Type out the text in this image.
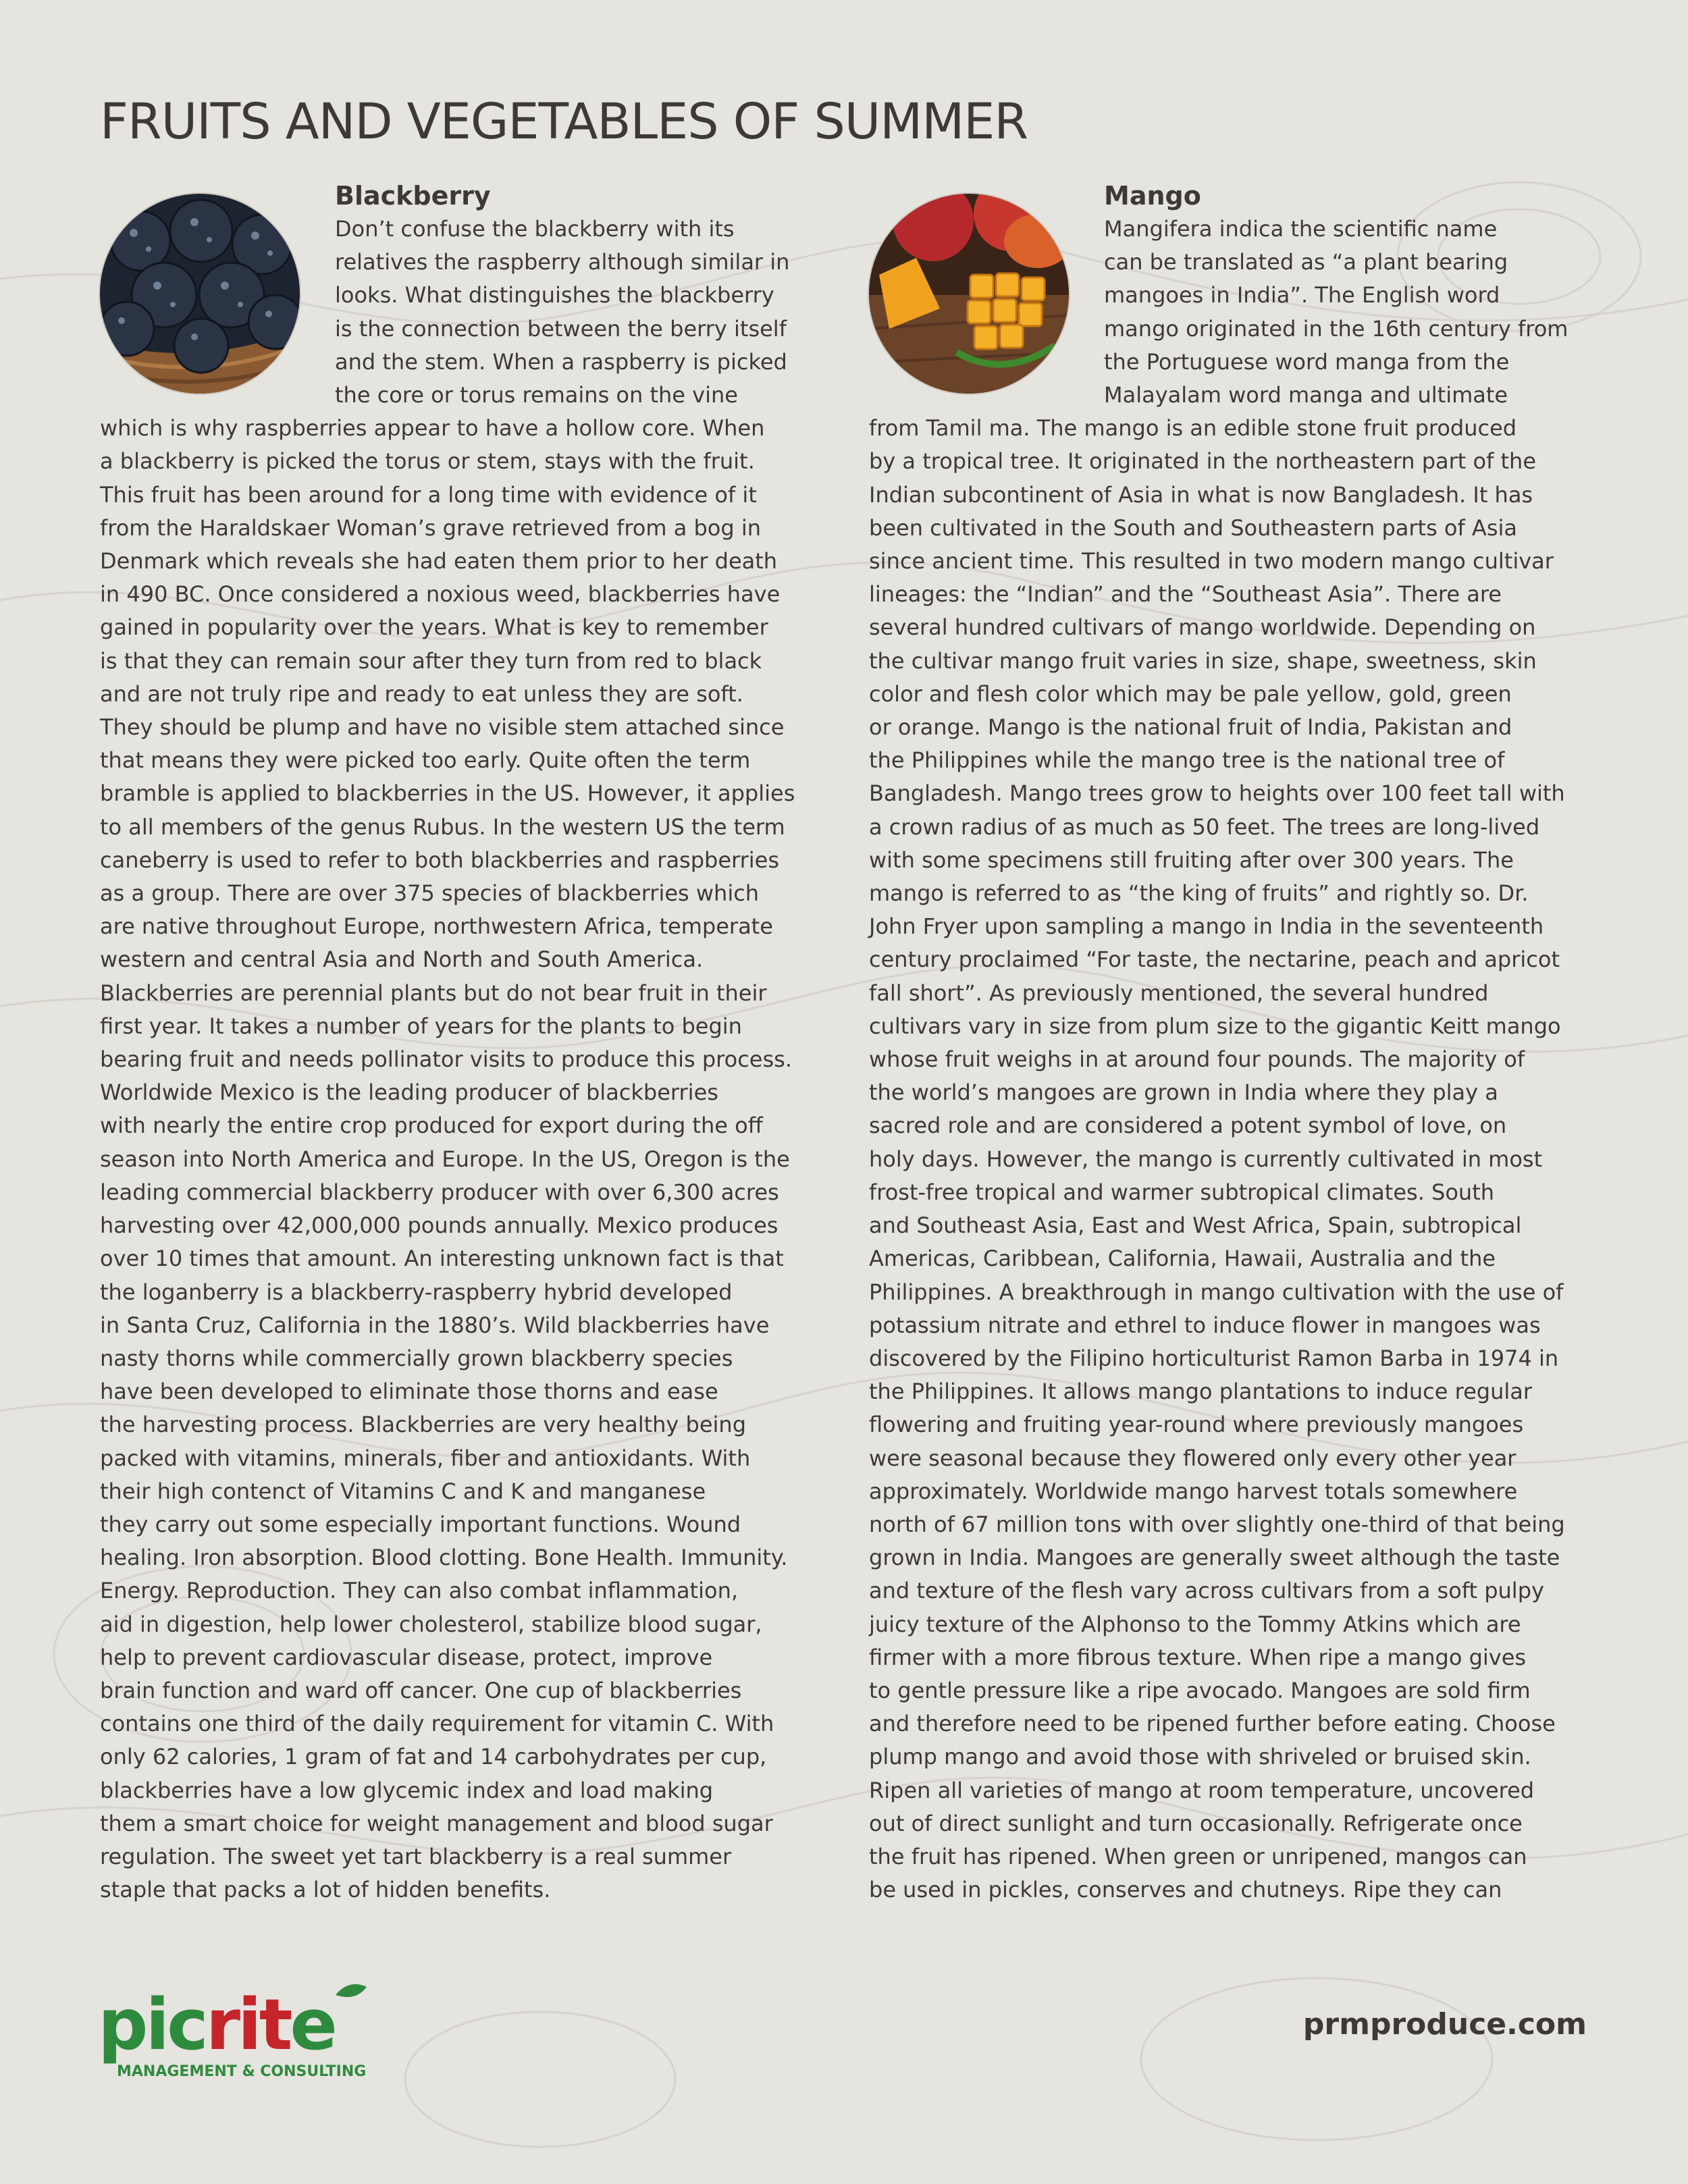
FRUITS AND VEGETABLES OF SUMMER
Blackberry

Don’t confuse the blackberry with its

relatives the raspberry although similar in

looks. What distinguishes the blackberry

is the connection between the berry itself

and the stem. When a raspberry is picked

the core or torus remains on the vine

which is why raspberries appear to have a hollow core. When

a blackberry is picked the torus or stem, stays with the fruit.

This fruit has been around for a long time with evidence of it

from the Haraldskaer Woman’s grave retrieved from a bog in

Denmark which reveals she had eaten them prior to her death

in 490 BC. Once considered a noxious weed, blackberries have

gained in popularity over the years. What is key to remember

is that they can remain sour after they turn from red to black

and are not truly ripe and ready to eat unless they are soft.

They should be plump and have no visible stem attached since

that means they were picked too early. Quite often the term

bramble is applied to blackberries in the US. However, it applies

to all members of the genus Rubus. In the western US the term

caneberry is used to refer to both blackberries and raspberries

as a group. There are over 375 species of blackberries which

are native throughout Europe, northwestern Africa, temperate

western and central Asia and North and South America.

Blackberries are perennial plants but do not bear fruit in their

first year. It takes a number of years for the plants to begin

bearing fruit and needs pollinator visits to produce this process.

Worldwide Mexico is the leading producer of blackberries

with nearly the entire crop produced for export during the off

season into North America and Europe. In the US, Oregon is the

leading commercial blackberry producer with over 6,300 acres

harvesting over 42,000,000 pounds annually. Mexico produces

over 10 times that amount. An interesting unknown fact is that

the loganberry is a blackberry-raspberry hybrid developed

in Santa Cruz, California in the 1880’s. Wild blackberries have

nasty thorns while commercially grown blackberry species

have been developed to eliminate those thorns and ease

the harvesting process. Blackberries are very healthy being

packed with vitamins, minerals, fiber and antioxidants. With

their high contenct of Vitamins C and K and manganese

they carry out some especially important functions. Wound

healing. Iron absorption. Blood clotting. Bone Health. Immunity.

Energy. Reproduction. They can also combat inflammation,

aid in digestion, help lower cholesterol, stabilize blood sugar,

help to prevent cardiovascular disease, protect, improve

brain function and ward off cancer. One cup of blackberries

contains one third of the daily requirement for vitamin C. With

only 62 calories, 1 gram of fat and 14 carbohydrates per cup,

blackberries have a low glycemic index and load making

them a smart choice for weight management and blood sugar

regulation. The sweet yet tart blackberry is a real summer

staple that packs a lot of hidden benefits.

Mango

Mangifera indica the scientific name

can be translated as “a plant bearing

mangoes in India”. The English word

mango originated in the 16th century from

the Portuguese word manga from the

Malayalam word manga and ultimate

from Tamil ma. The mango is an edible stone fruit produced

by a tropical tree. It originated in the northeastern part of the

Indian subcontinent of Asia in what is now Bangladesh. It has

been cultivated in the South and Southeastern parts of Asia

since ancient time. This resulted in two modern mango cultivar

lineages: the “Indian” and the “Southeast Asia”. There are

several hundred cultivars of mango worldwide. Depending on

the cultivar mango fruit varies in size, shape, sweetness, skin

color and flesh color which may be pale yellow, gold, green

or orange. Mango is the national fruit of India, Pakistan and

the Philippines while the mango tree is the national tree of

Bangladesh. Mango trees grow to heights over 100 feet tall with

a crown radius of as much as 50 feet. The trees are long-lived

with some specimens still fruiting after over 300 years. The

mango is referred to as “the king of fruits” and rightly so. Dr.

John Fryer upon sampling a mango in India in the seventeenth

century proclaimed “For taste, the nectarine, peach and apricot

fall short”. As previously mentioned, the several hundred

cultivars vary in size from plum size to the gigantic Keitt mango

whose fruit weighs in at around four pounds. The majority of

the world’s mangoes are grown in India where they play a

sacred role and are considered a potent symbol of love, on

holy days. However, the mango is currently cultivated in most

frost-free tropical and warmer subtropical climates. South

and Southeast Asia, East and West Africa, Spain, subtropical

Americas, Caribbean, California, Hawaii, Australia and the

Philippines. A breakthrough in mango cultivation with the use of

potassium nitrate and ethrel to induce flower in mangoes was

discovered by the Filipino horticulturist Ramon Barba in 1974 in

the Philippines. It allows mango plantations to induce regular

flowering and fruiting year-round where previously mangoes

were seasonal because they flowered only every other year

approximately. Worldwide mango harvest totals somewhere

north of 67 million tons with over slightly one-third of that being

grown in India. Mangoes are generally sweet although the taste

and texture of the flesh vary across cultivars from a soft pulpy

juicy texture of the Alphonso to the Tommy Atkins which are

firmer with a more fibrous texture. When ripe a mango gives

to gentle pressure like a ripe avocado. Mangoes are sold firm

and therefore need to be ripened further before eating. Choose

plump mango and avoid those with shriveled or bruised skin.

Ripen all varieties of mango at room temperature, uncovered

out of direct sunlight and turn occasionally. Refrigerate once

the fruit has ripened. When green or unripened, mangos can

be used in pickles, conserves and chutneys. Ripe they can

picrite
MANAGEMENT & CONSULTING
prmproduce.com
